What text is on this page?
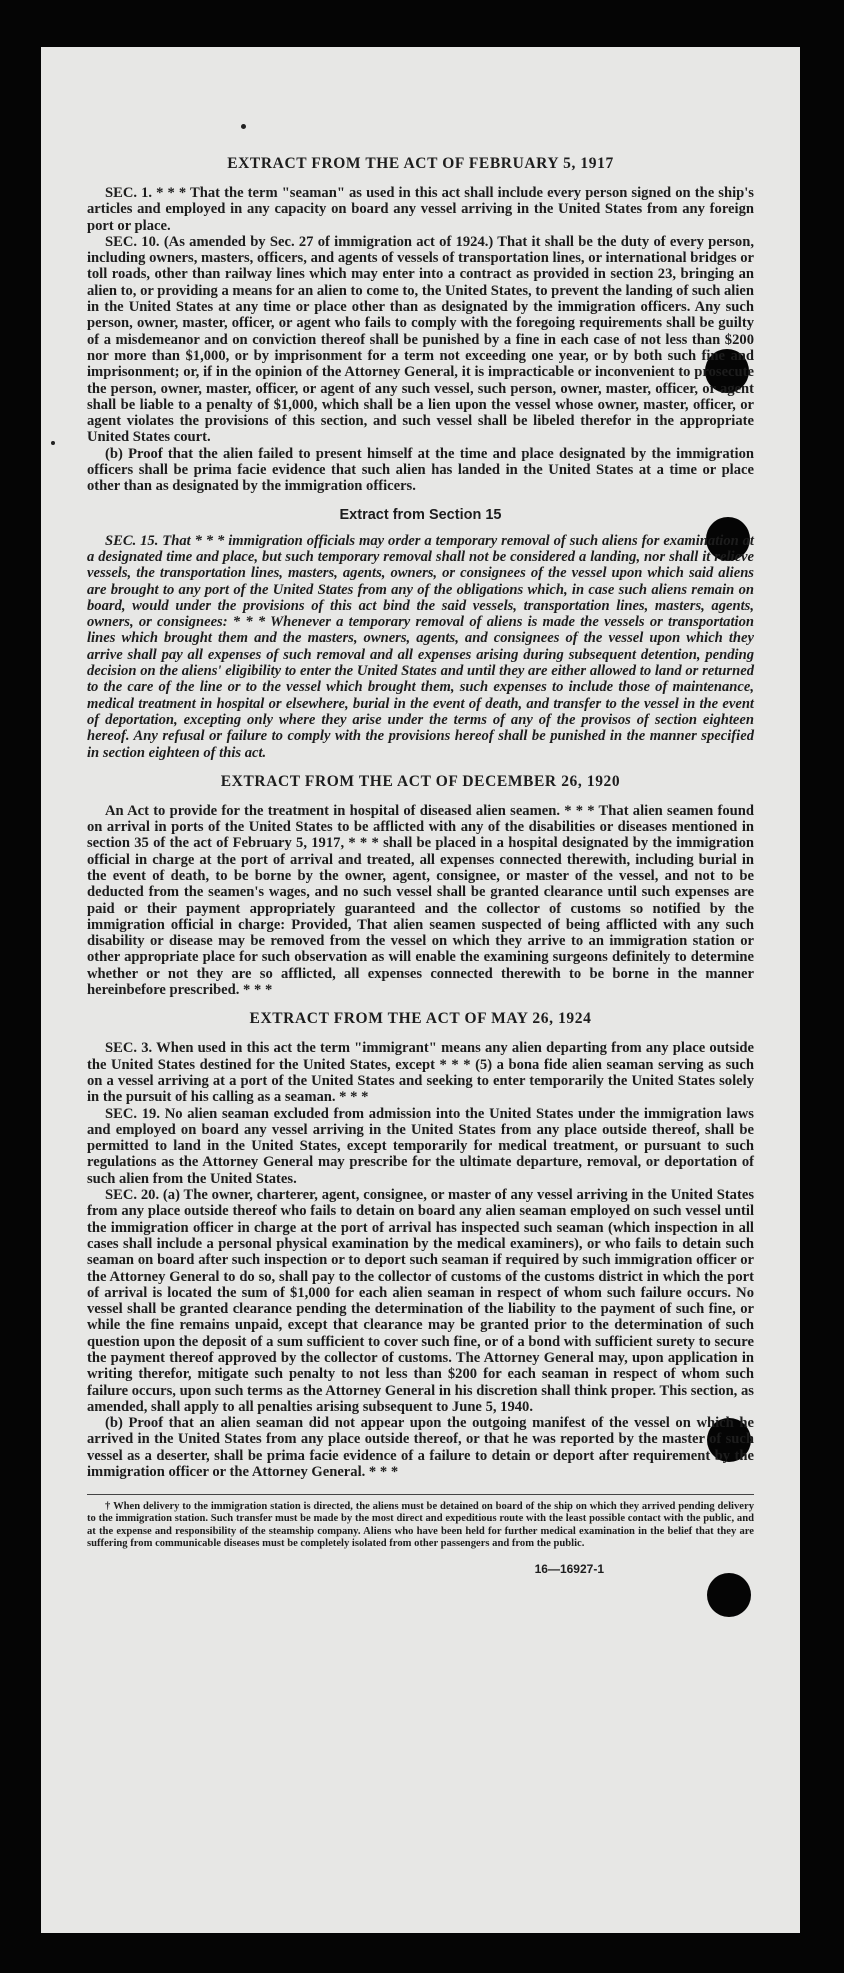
EXTRACT FROM THE ACT OF FEBRUARY 5, 1917

SEC. 1. * * * That the term "seaman" as used in this act shall include every person signed on the ship's articles and employed in any capacity on board any vessel arriving in the United States from any foreign port or place.

SEC. 10. (As amended by Sec. 27 of immigration act of 1924.) That it shall be the duty of every person, including owners, masters, officers, and agents of vessels of transportation lines, or international bridges or toll roads, other than railway lines which may enter into a contract as provided in section 23, bringing an alien to, or providing a means for an alien to come to, the United States, to prevent the landing of such alien in the United States at any time or place other than as designated by the immigration officers. Any such person, owner, master, officer, or agent who fails to comply with the foregoing requirements shall be guilty of a misdemeanor and on conviction thereof shall be punished by a fine in each case of not less than $200 nor more than $1,000, or by imprisonment for a term not exceeding one year, or by both such fine and imprisonment; or, if in the opinion of the Attorney General, it is impracticable or inconvenient to prosecute the person, owner, master, officer, or agent of any such vessel, such person, owner, master, officer, or agent shall be liable to a penalty of $1,000, which shall be a lien upon the vessel whose owner, master, officer, or agent violates the provisions of this section, and such vessel shall be libeled therefor in the appropriate United States court.

(b) Proof that the alien failed to present himself at the time and place designated by the immigration officers shall be prima facie evidence that such alien has landed in the United States at a time or place other than as designated by the immigration officers.

Extract from Section 15

SEC. 15. That * * * immigration officials may order a temporary removal of such aliens for examination at a designated time and place, but such temporary removal shall not be considered a landing, nor shall it relieve vessels, the transportation lines, masters, agents, owners, or consignees of the vessel upon which said aliens are brought to any port of the United States from any of the obligations which, in case such aliens remain on board, would under the provisions of this act bind the said vessels, transportation lines, masters, agents, owners, or consignees: * * * Whenever a temporary removal of aliens is made the vessels or transportation lines which brought them and the masters, owners, agents, and consignees of the vessel upon which they arrive shall pay all expenses of such removal and all expenses arising during subsequent detention, pending decision on the aliens' eligibility to enter the United States and until they are either allowed to land or returned to the care of the line or to the vessel which brought them, such expenses to include those of maintenance, medical treatment in hospital or elsewhere, burial in the event of death, and transfer to the vessel in the event of deportation, excepting only where they arise under the terms of any of the provisos of section eighteen hereof. Any refusal or failure to comply with the provisions hereof shall be punished in the manner specified in section eighteen of this act.

EXTRACT FROM THE ACT OF DECEMBER 26, 1920

An Act to provide for the treatment in hospital of diseased alien seamen. * * * That alien seamen found on arrival in ports of the United States to be afflicted with any of the disabilities or diseases mentioned in section 35 of the act of February 5, 1917, * * * shall be placed in a hospital designated by the immigration official in charge at the port of arrival and treated, all expenses connected therewith, including burial in the event of death, to be borne by the owner, agent, consignee, or master of the vessel, and not to be deducted from the seamen's wages, and no such vessel shall be granted clearance until such expenses are paid or their payment appropriately guaranteed and the collector of customs so notified by the immigration official in charge: Provided, That alien seamen suspected of being afflicted with any such disability or disease may be removed from the vessel on which they arrive to an immigration station or other appropriate place for such observation as will enable the examining surgeons definitely to determine whether or not they are so afflicted, all expenses connected therewith to be borne in the manner hereinbefore prescribed. * * *

EXTRACT FROM THE ACT OF MAY 26, 1924

SEC. 3. When used in this act the term "immigrant" means any alien departing from any place outside the United States destined for the United States, except * * * (5) a bona fide alien seaman serving as such on a vessel arriving at a port of the United States and seeking to enter temporarily the United States solely in the pursuit of his calling as a seaman. * * *

SEC. 19. No alien seaman excluded from admission into the United States under the immigration laws and employed on board any vessel arriving in the United States from any place outside thereof, shall be permitted to land in the United States, except temporarily for medical treatment, or pursuant to such regulations as the Attorney General may prescribe for the ultimate departure, removal, or deportation of such alien from the United States.

SEC. 20. (a) The owner, charterer, agent, consignee, or master of any vessel arriving in the United States from any place outside thereof who fails to detain on board any alien seaman employed on such vessel until the immigration officer in charge at the port of arrival has inspected such seaman (which inspection in all cases shall include a personal physical examination by the medical examiners), or who fails to detain such seaman on board after such inspection or to deport such seaman if required by such immigration officer or the Attorney General to do so, shall pay to the collector of customs of the customs district in which the port of arrival is located the sum of $1,000 for each alien seaman in respect of whom such failure occurs. No vessel shall be granted clearance pending the determination of the liability to the payment of such fine, or while the fine remains unpaid, except that clearance may be granted prior to the determination of such question upon the deposit of a sum sufficient to cover such fine, or of a bond with sufficient surety to secure the payment thereof approved by the collector of customs. The Attorney General may, upon application in writing therefor, mitigate such penalty to not less than $200 for each seaman in respect of whom such failure occurs, upon such terms as the Attorney General in his discretion shall think proper. This section, as amended, shall apply to all penalties arising subsequent to June 5, 1940.

(b) Proof that an alien seaman did not appear upon the outgoing manifest of the vessel on which he arrived in the United States from any place outside thereof, or that he was reported by the master of such vessel as a deserter, shall be prima facie evidence of a failure to detain or deport after requirement by the immigration officer or the Attorney General. * * *

† When delivery to the immigration station is directed, the aliens must be detained on board of the ship on which they arrived pending delivery to the immigration station. Such transfer must be made by the most direct and expeditious route with the least possible contact with the public, and at the expense and responsibility of the steamship company. Aliens who have been held for further medical examination in the belief that they are suffering from communicable diseases must be completely isolated from other passengers and from the public.

16—16927-1
